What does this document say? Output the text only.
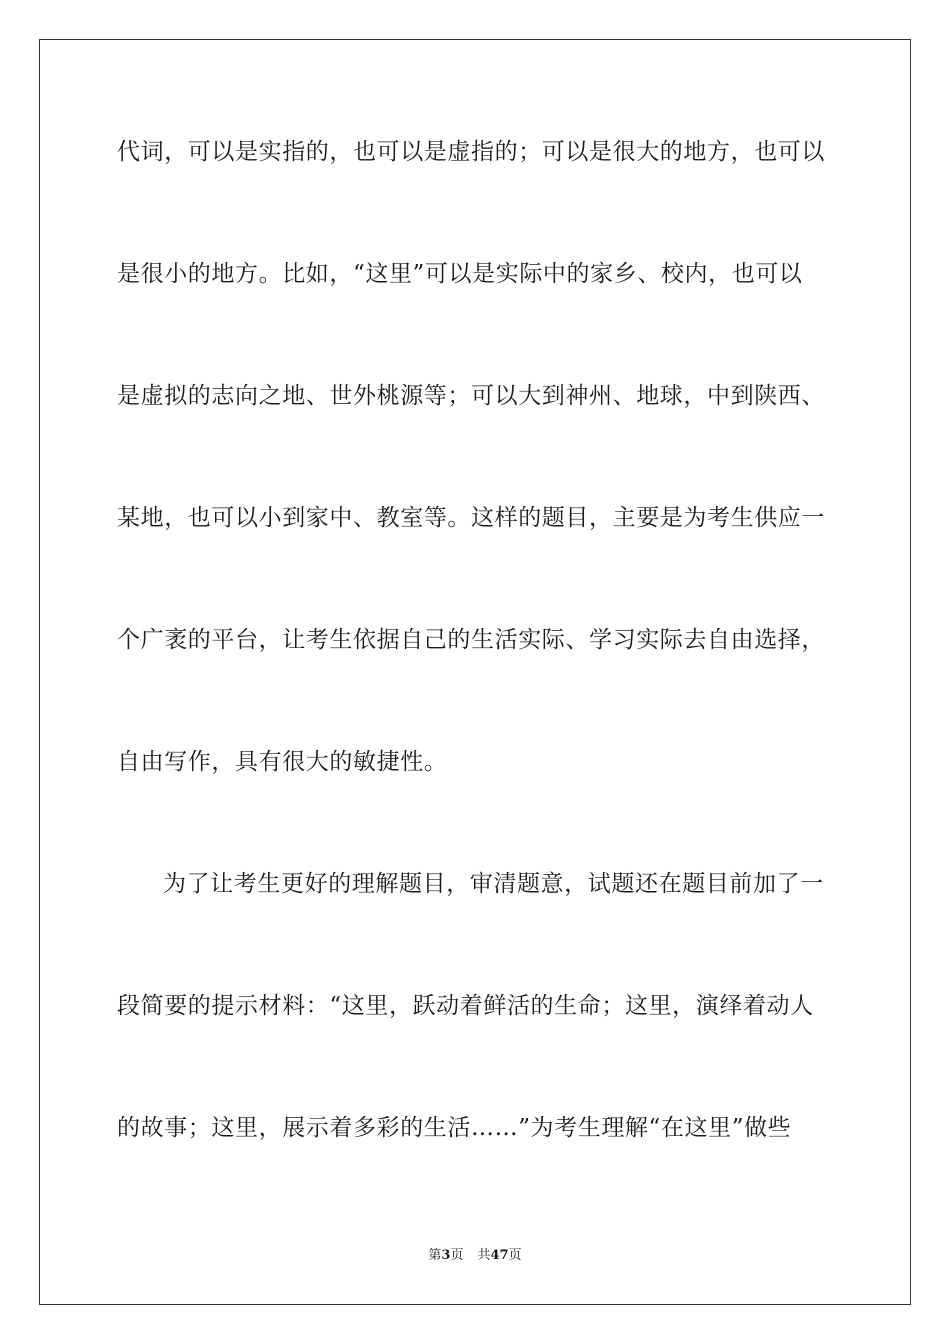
代词，可以是实指的，也可以是虚指的；可以是很大的地方，也可以
是很小的地方。比如，“这里”可以是实际中的家乡、校内，也可以
是虚拟的志向之地、世外桃源等；可以大到神州、地球，中到陕西、
某地，也可以小到家中、教室等。这样的题目，主要是为考生供应一
个广袤的平台，让考生依据自己的生活实际、学习实际去自由选择，
自由写作，具有很大的敏捷性。
为了让考生更好的理解题目，审清题意，试题还在题目前加了一
段简要的提示材料：“这里，跃动着鲜活的生命；这里，演绎着动人
的故事；这里，展示着多彩的生活……”为考生理解“在这里”做些
第3页 共47页
